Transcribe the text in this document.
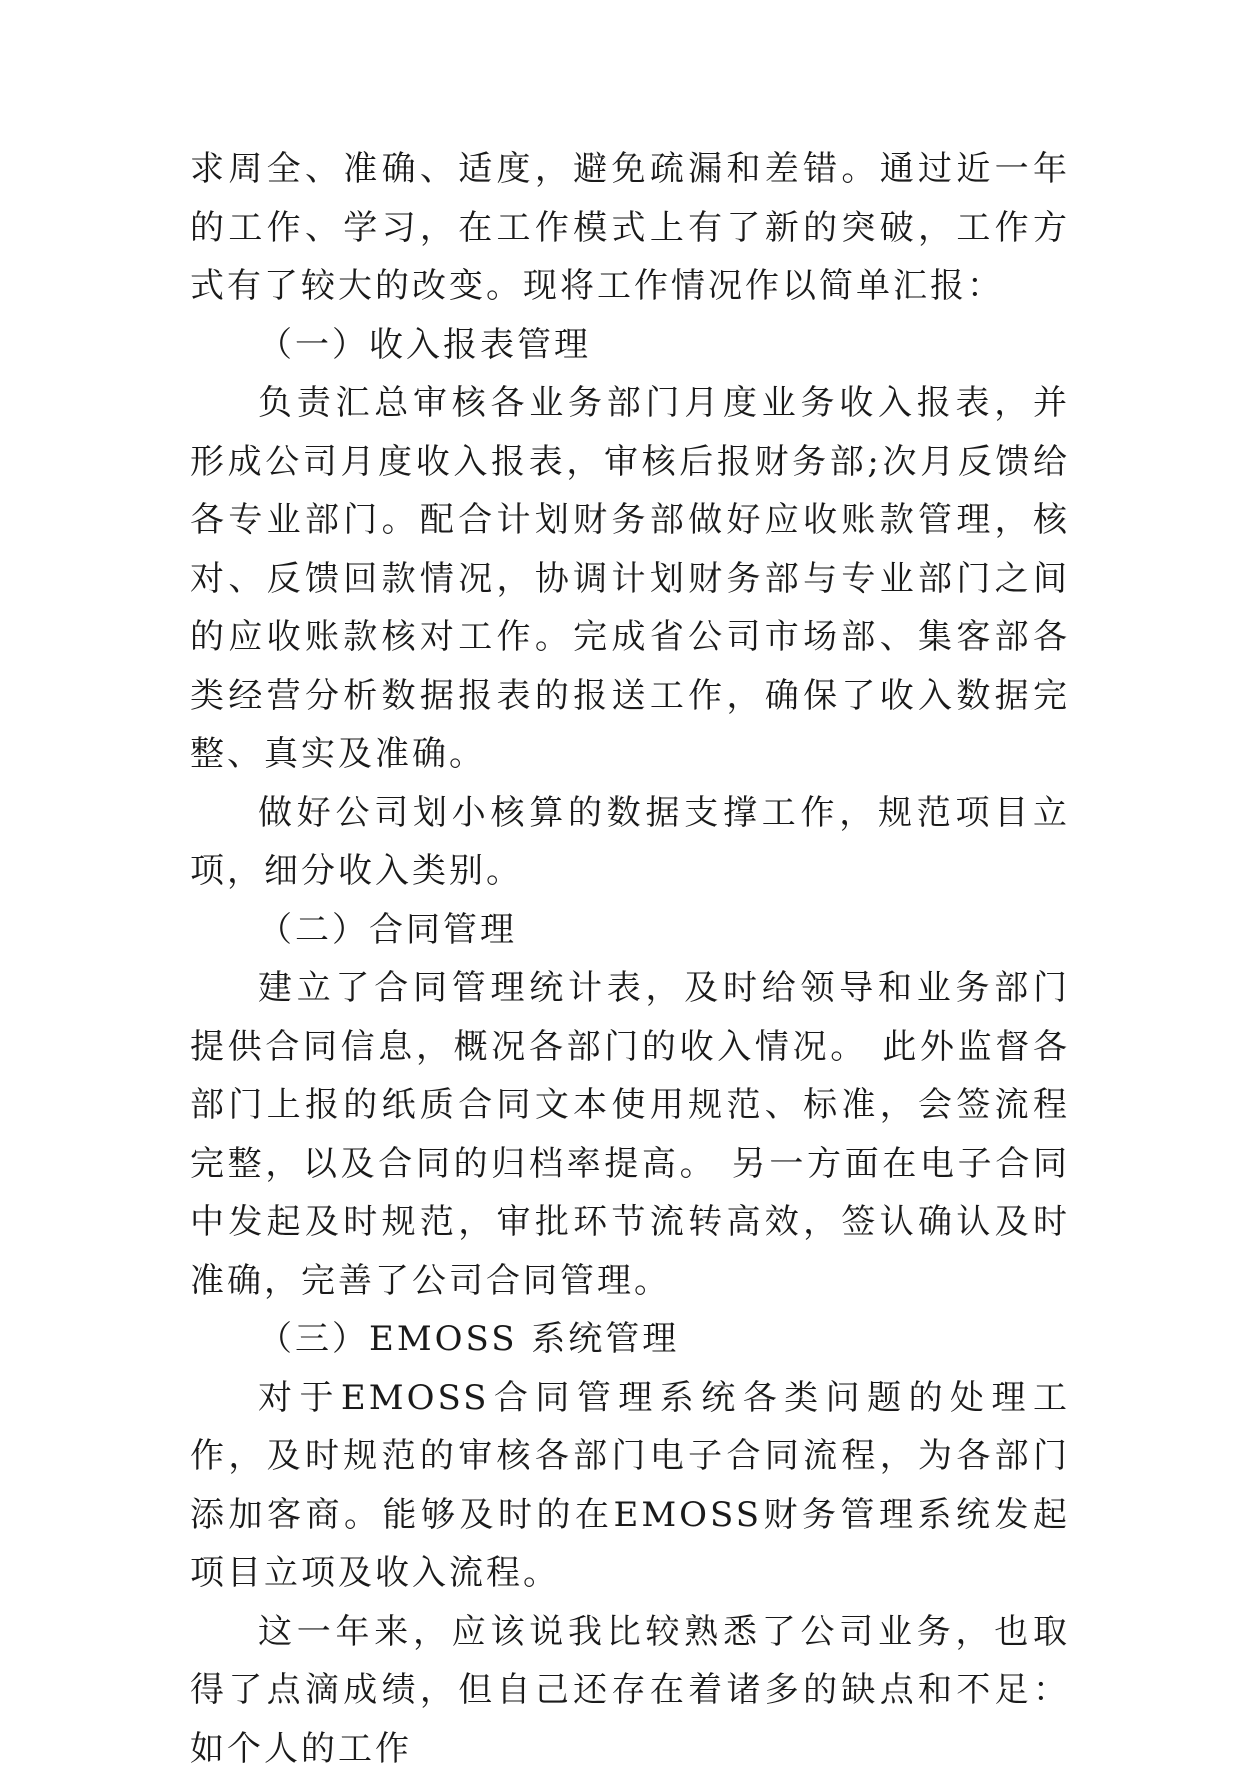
求周全、准确、适度，避免疏漏和差错。通过近一年的工作、学习，在工作模式上有了新的突破，工作方式有了较大的改变。现将工作情况作以简单汇报：

（一）收入报表管理

负责汇总审核各业务部门月度业务收入报表，并形成公司月度收入报表，审核后报财务部;次月反馈给各专业部门。配合计划财务部做好应收账款管理，核对、反馈回款情况，协调计划财务部与专业部门之间的应收账款核对工作。完成省公司市场部、集客部各类经营分析数据报表的报送工作，确保了收入数据完整、真实及准确。

做好公司划小核算的数据支撑工作，规范项目立项，细分收入类别。

（二）合同管理

建立了合同管理统计表，及时给领导和业务部门提供合同信息，概况各部门的收入情况。 此外监督各部门上报的纸质合同文本使用规范、标准，会签流程完整，以及合同的归档率提高。 另一方面在电子合同中发起及时规范，审批环节流转高效，签认确认及时准确，完善了公司合同管理。

（三）EMOSS 系统管理

对于EMOSS合同管理系统各类问题的处理工作，及时规范的审核各部门电子合同流程，为各部门添加客商。能够及时的在EMOSS财务管理系统发起项目立项及收入流程。

这一年来，应该说我比较熟悉了公司业务，也取得了点滴成绩，但自己还存在着诸多的缺点和不足：如个人的工作
